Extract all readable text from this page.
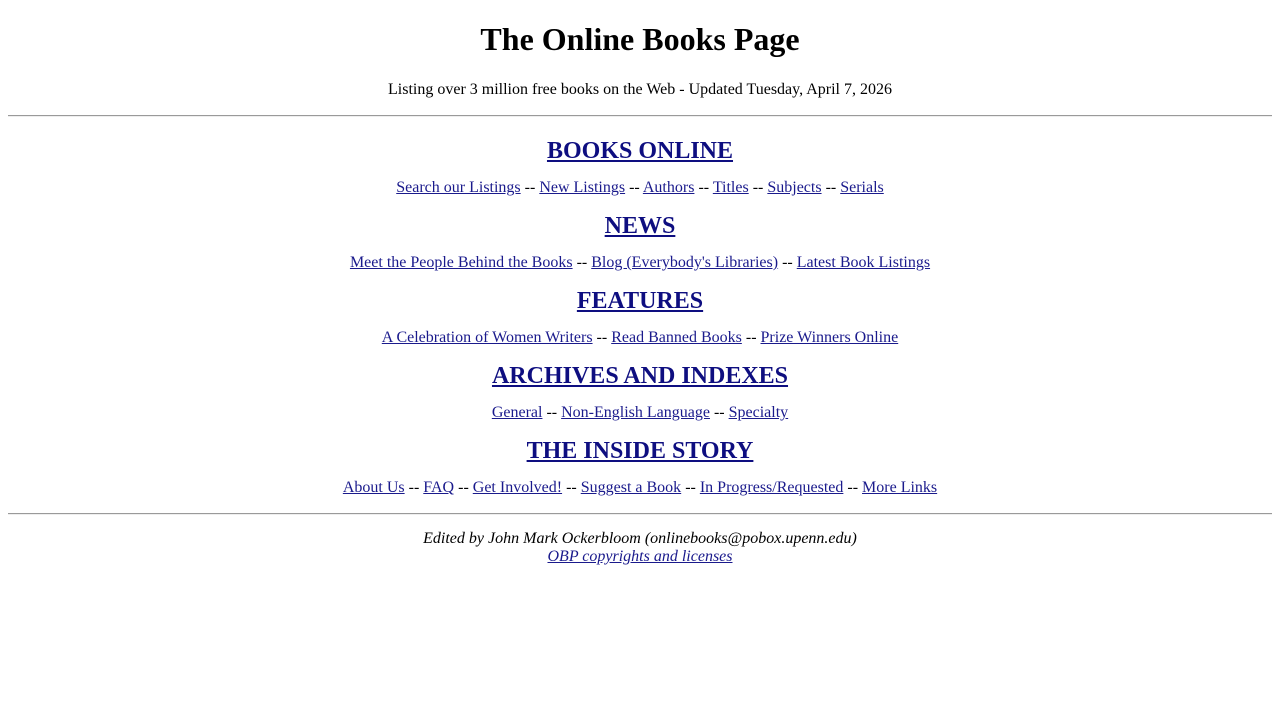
The Online Books Page

Listing over 3 million free books on the Web - Updated Tuesday, April 7, 2026

BOOKS ONLINE

Search our Listings -- New Listings -- Authors -- Titles -- Subjects -- Serials

NEWS

Meet the People Behind the Books -- Blog (Everybody's Libraries) -- Latest Book Listings

FEATURES

A Celebration of Women Writers -- Read Banned Books -- Prize Winners Online

ARCHIVES AND INDEXES

General -- Non-English Language -- Specialty

THE INSIDE STORY

About Us -- FAQ -- Get Involved! -- Suggest a Book -- In Progress/Requested -- More Links

Edited by John Mark Ockerbloom (onlinebooks@pobox.upenn.edu)
OBP copyrights and licenses
